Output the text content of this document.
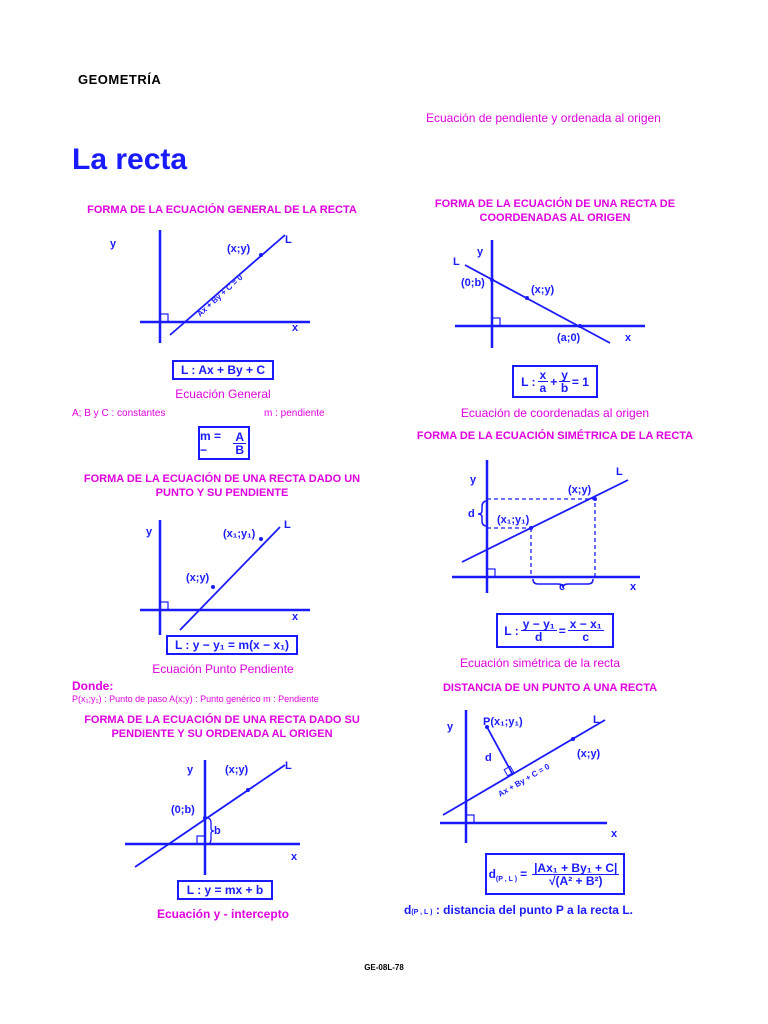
GEOMETRÍA
Ecuación de pendiente y ordenada al origen
La recta
FORMA DE LA ECUACIÓN GENERAL DE LA RECTA
y
x
(x;y)
L
Ax + By + C = 0
L : Ax + By + C
Ecuación General
A; B y C : constantes	m : pendiente
m = −	$\frac{A}{B}$
FORMA DE LA ECUACIÓN DE UNA RECTA DE COORDENADAS AL ORIGEN
y
x
L
(0;b)
(x;y)
(a;0)
L : $\frac{x}{a} + \frac{y}{b} = 1$
Ecuación de coordenadas al origen
FORMA DE LA ECUACIÓN SIMÉTRICA DE LA RECTA
y
x
L
(x;y)
(x₁;y₁)
d
c
L : $\frac{\text{y − y₁}}{d} = \frac{\text{x − x₁}}{c}$
Ecuación simétrica de la recta
FORMA DE LA ECUACIÓN DE UNA RECTA DADO UN PUNTO Y SU PENDIENTE
y
x
L
(x₁;y₁)
(x;y)
L : y − y₁ = m(x − x₁)
Ecuación Punto Pendiente
Donde:
P(x₁;y₁) : Punto de paso A(x;y) : Punto genérico m : Pendiente
DISTANCIA DE UN PUNTO A UNA RECTA
y
x
L
P(x₁;y₁)
(x;y)
d
Ax + By + C = 0
d (P , L ) = $\frac{\text{|Ax₁ + By₁ + C|}}{\text{√(A² + B²)}}$
d(P , L ) : distancia del punto P a la recta L.
FORMA DE LA ECUACIÓN DE UNA RECTA DADO SU PENDIENTE Y SU ORDENADA AL ORIGEN
y
x
L
(x;y)
(0;b)
b
L : y = mx + b
Ecuación y - intercepto
GE-08L-78
